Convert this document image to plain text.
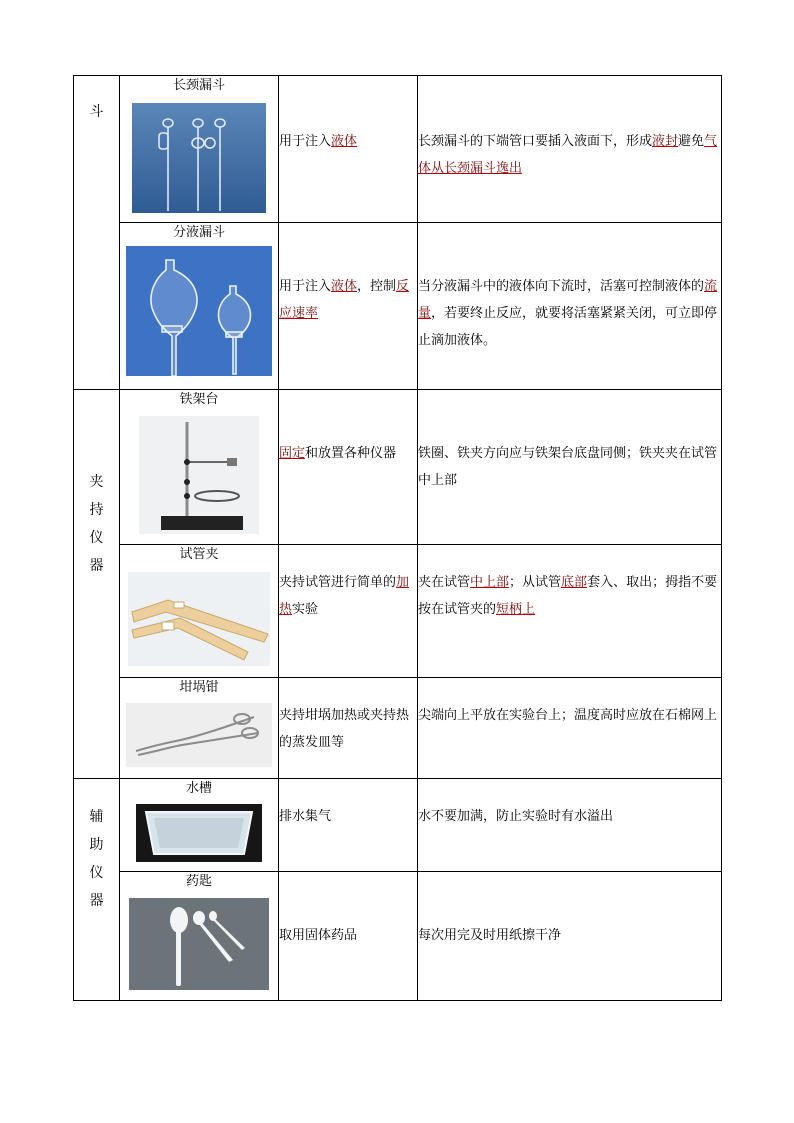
斗	长颈漏斗	用于注入液体	长颈漏斗的下端管口要插入液面下，形成液封避免气体从长颈漏斗逸出

	分液漏斗	用于注入液体，控制反应速率	当分液漏斗中的液体向下流时，活塞可控制液体的流量，若要终止反应，就要将活塞紧紧关闭，可立即停止滴加液体。

夹持仪器	铁架台	固定和放置各种仪器	铁圈、铁夹方向应与铁架台底盘同侧；铁夹夹在试管中上部

	试管夹	夹持试管进行简单的加热实验	夹在试管中上部；从试管底部套入、取出；拇指不要按在试管夹的短柄上

	坩埚钳	夹持坩埚加热或夹持热的蒸发皿等	尖端向上平放在实验台上；温度高时应放在石棉网上

辅助仪器	水槽	排水集气	水不要加满，防止实验时有水溢出

	药匙	取用固体药品	每次用完及时用纸擦干净
